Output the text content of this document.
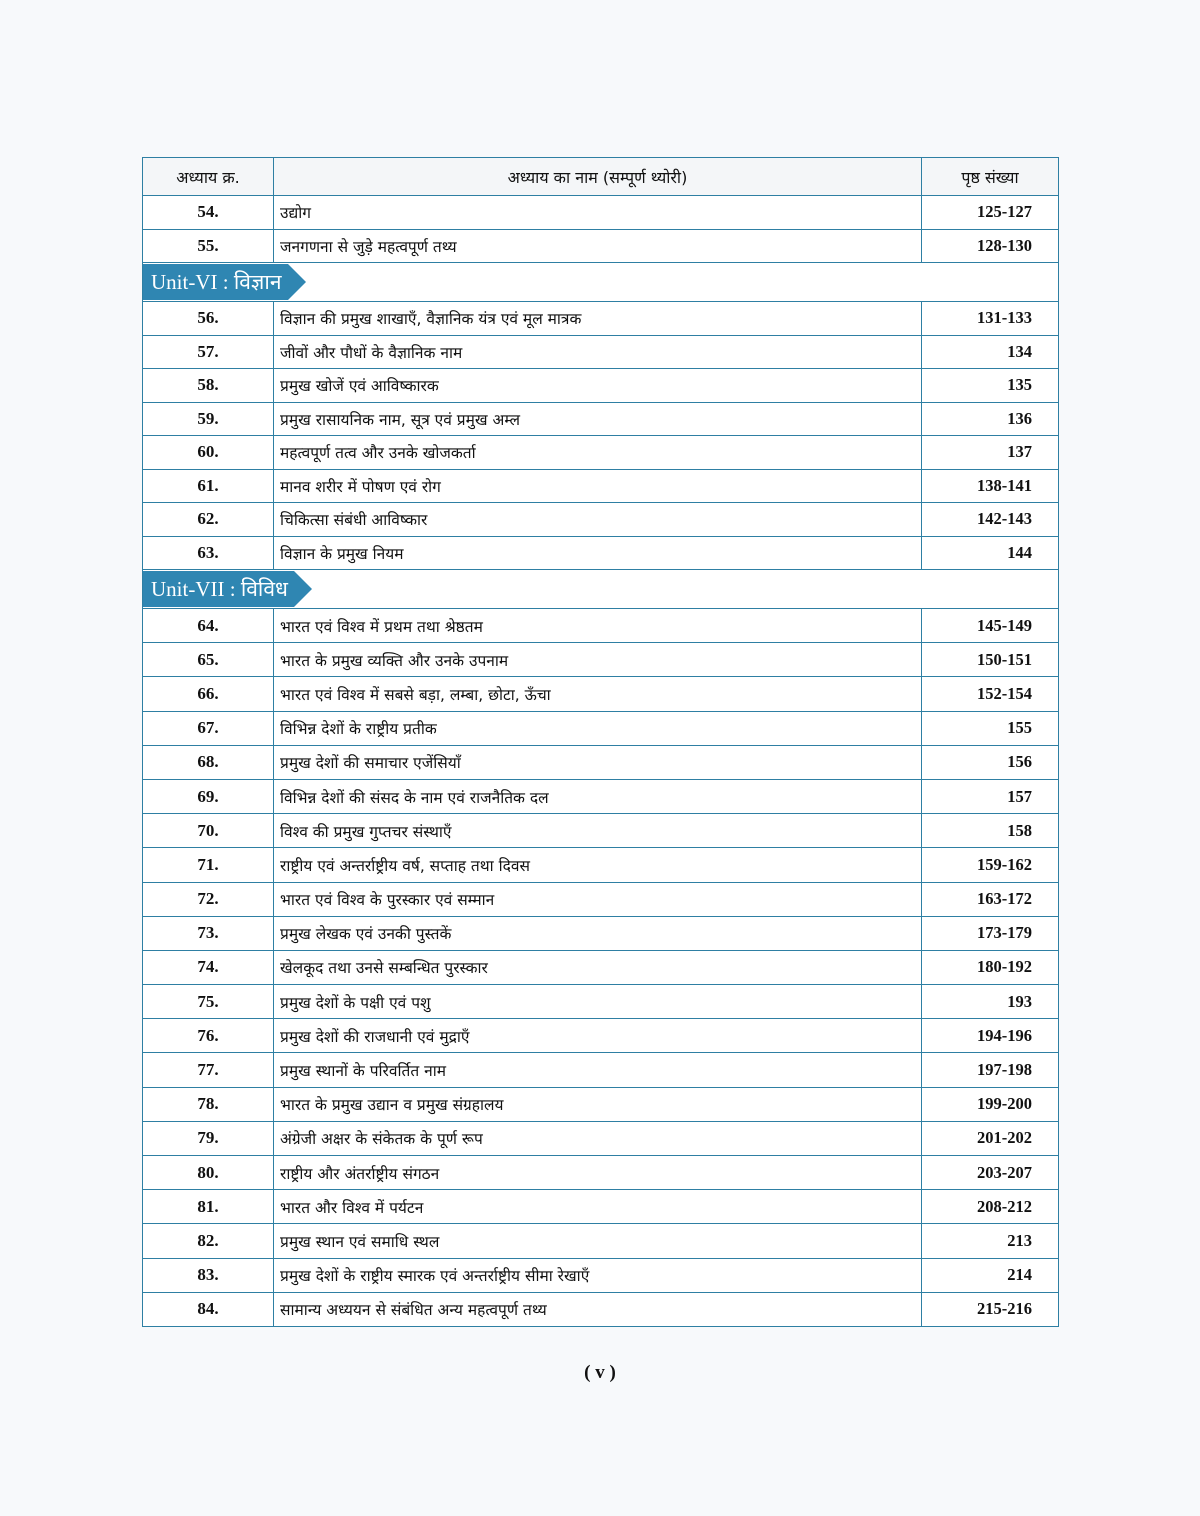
अध्याय क्र.	अध्याय का नाम (सम्पूर्ण थ्योरी)	पृष्ठ संख्या
54.	उद्योग	125-127
55.	जनगणना से जुड़े महत्वपूर्ण तथ्य	128-130
Unit-VI : विज्ञान		
56.	विज्ञान की प्रमुख शाखाएँ, वैज्ञानिक यंत्र एवं मूल मात्रक	131-133
57.	जीवों और पौधों के वैज्ञानिक नाम	134
58.	प्रमुख खोजें एवं आविष्कारक	135
59.	प्रमुख रासायनिक नाम, सूत्र एवं प्रमुख अम्ल	136
60.	महत्वपूर्ण तत्व और उनके खोजकर्ता	137
61.	मानव शरीर में पोषण एवं रोग	138-141
62.	चिकित्सा संबंधी आविष्कार	142-143
63.	विज्ञान के प्रमुख नियम	144
Unit-VII : विविध		
64.	भारत एवं विश्व में प्रथम तथा श्रेष्ठतम	145-149
65.	भारत के प्रमुख व्यक्ति और उनके उपनाम	150-151
66.	भारत एवं विश्व में सबसे बड़ा, लम्बा, छोटा, ऊँचा	152-154
67.	विभिन्न देशों के राष्ट्रीय प्रतीक	155
68.	प्रमुख देशों की समाचार एजेंसियाँ	156
69.	विभिन्न देशों की संसद के नाम एवं राजनैतिक दल	157
70.	विश्व की प्रमुख गुप्तचर संस्थाएँ	158
71.	राष्ट्रीय एवं अन्तर्राष्ट्रीय वर्ष, सप्ताह तथा दिवस	159-162
72.	भारत एवं विश्व के पुरस्कार एवं सम्मान	163-172
73.	प्रमुख लेखक एवं उनकी पुस्तकें	173-179
74.	खेलकूद तथा उनसे सम्बन्धित पुरस्कार	180-192
75.	प्रमुख देशों के पक्षी एवं पशु	193
76.	प्रमुख देशों की राजधानी एवं मुद्राएँ	194-196
77.	प्रमुख स्थानों के परिवर्तित नाम	197-198
78.	भारत के प्रमुख उद्यान व प्रमुख संग्रहालय	199-200
79.	अंग्रेजी अक्षर के संकेतक के पूर्ण रूप	201-202
80.	राष्ट्रीय और अंतर्राष्ट्रीय संगठन	203-207
81.	भारत और विश्व में पर्यटन	208-212
82.	प्रमुख स्थान एवं समाधि स्थल	213
83.	प्रमुख देशों के राष्ट्रीय स्मारक एवं अन्तर्राष्ट्रीय सीमा रेखाएँ	214
84.	सामान्य अध्ययन से संबंधित अन्य महत्वपूर्ण तथ्य	215-216
( v )
